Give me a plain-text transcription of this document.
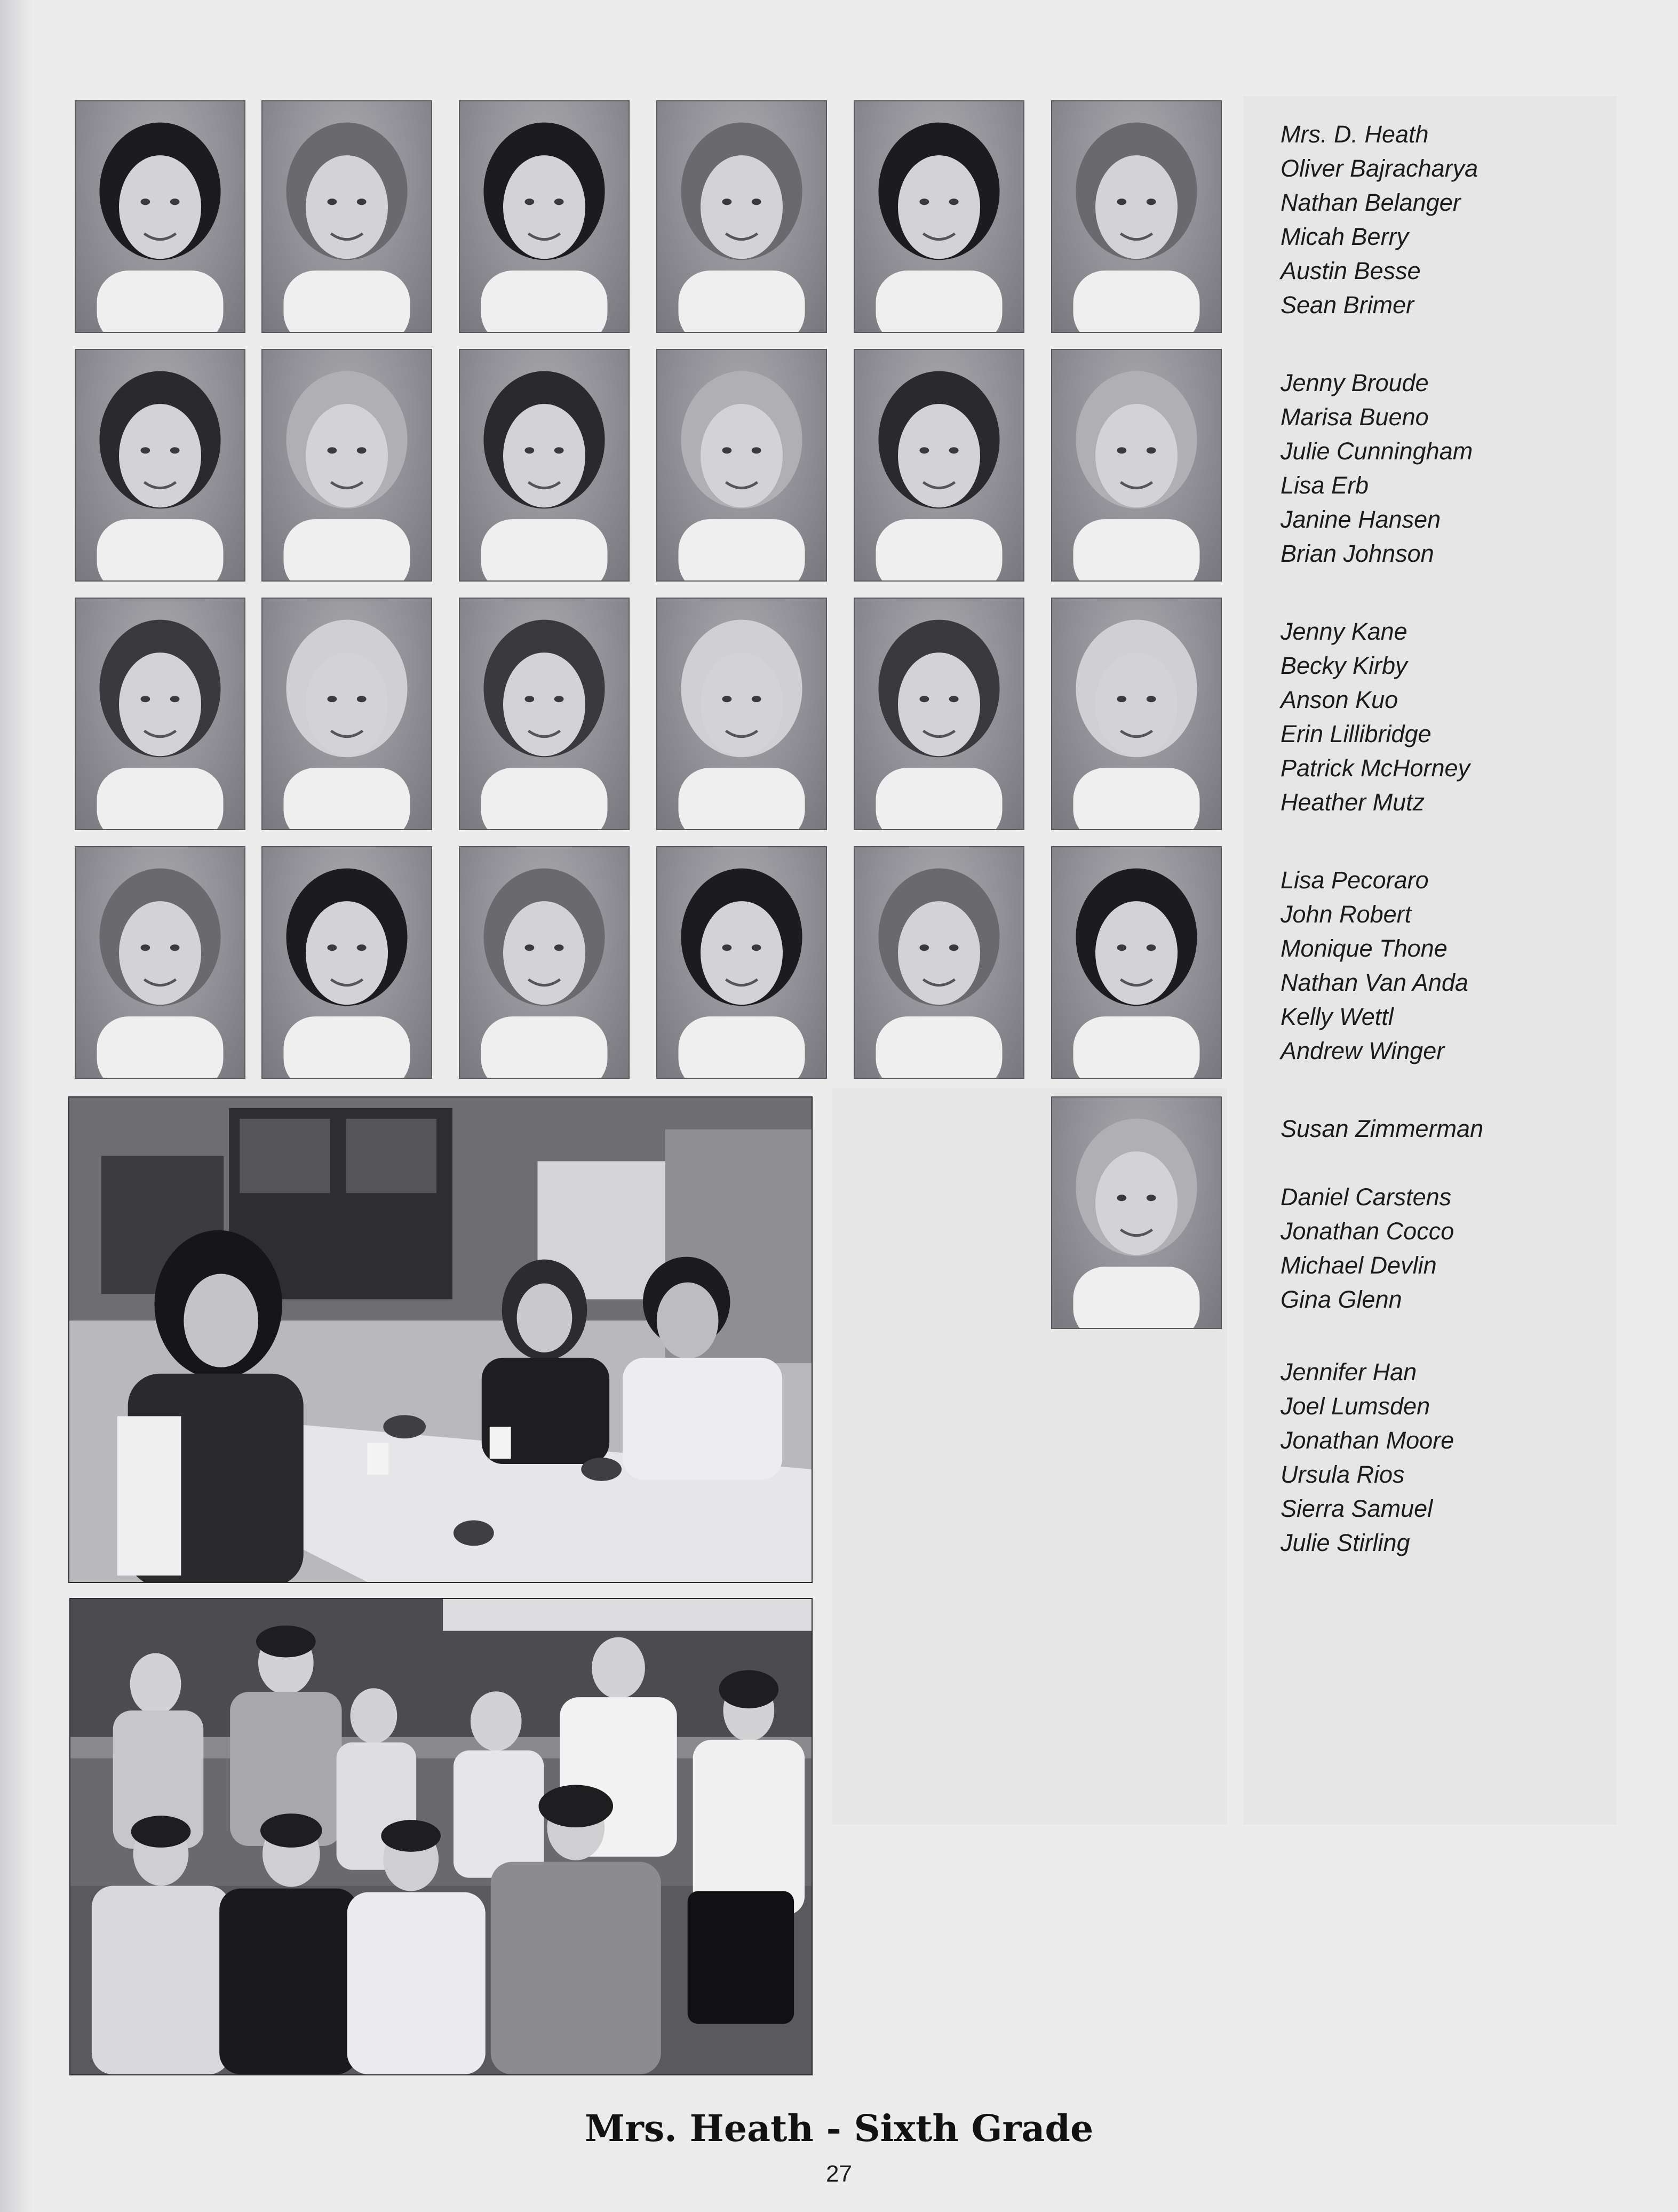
Mrs. D. Heath
Oliver Bajracharya
Nathan Belanger
Micah Berry
Austin Besse
Sean Brimer
Jenny Broude
Marisa Bueno
Julie Cunningham
Lisa Erb
Janine Hansen
Brian Johnson
Jenny Kane
Becky Kirby
Anson Kuo
Erin Lillibridge
Patrick McHorney
Heather Mutz
Lisa Pecoraro
John Robert
Monique Thone
Nathan Van Anda
Kelly Wettl
Andrew Winger
Susan Zimmerman
Daniel Carstens
Jonathan Cocco
Michael Devlin
Gina Glenn
Jennifer Han
Joel Lumsden
Jonathan Moore
Ursula Rios
Sierra Samuel
Julie Stirling
Mrs. Heath - Sixth Grade
27
